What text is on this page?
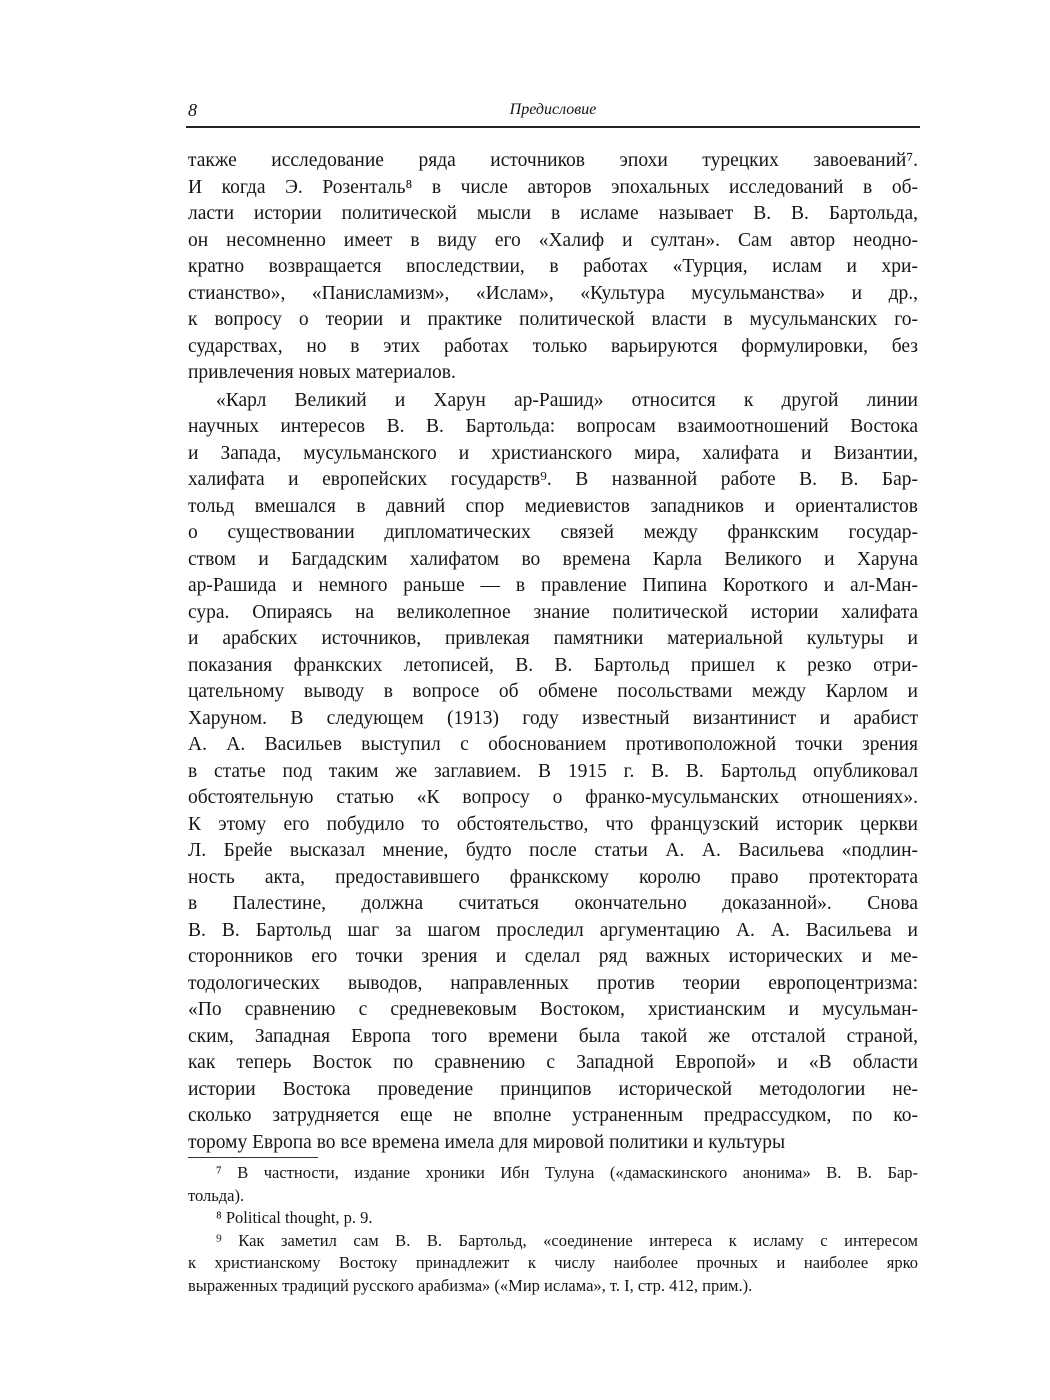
8	Предисловие
также исследование ряда источников эпохи турецких завоеваний⁷.
И когда Э. Розенталь⁸ в числе авторов эпохальных исследований в об-
ласти истории политической мысли в исламе называет В. В. Бартольда,
он несомненно имеет в виду его «Халиф и султан». Сам автор неодно-
кратно возвращается впоследствии, в работах «Турция, ислам и хри-
стианство», «Панисламизм», «Ислам», «Культура мусульманства» и др.,
к вопросу о теории и практике политической власти в мусульманских го-
сударствах, но в этих работах только варьируются формулировки, без
привлечения новых материалов.
«Карл Великий и Харун ар-Рашид» относится к другой линии
научных интересов В. В. Бартольда: вопросам взаимоотношений Востока
и Запада, мусульманского и христианского мира, халифата и Византии,
халифата и европейских государств⁹. В названной работе В. В. Бар-
тольд вмешался в давний спор медиевистов западников и ориенталистов
о существовании дипломатических связей между франкским государ-
ством и Багдадским халифатом во времена Карла Великого и Харуна
ар-Рашида и немного раньше — в правление Пипина Короткого и ал-Ман-
сура. Опираясь на великолепное знание политической истории халифата
и арабских источников, привлекая памятники материальной культуры и
показания франкских летописей, В. В. Бартольд пришел к резко отри-
цательному выводу в вопросе об обмене посольствами между Карлом и
Харуном. В следующем (1913) году известный византинист и арабист
А. А. Васильев выступил с обоснованием противоположной точки зрения
в статье под таким же заглавием. В 1915 г. В. В. Бартольд опубликовал
обстоятельную статью «К вопросу о франко-мусульманских отношениях».
К этому его побудило то обстоятельство, что французский историк церкви
Л. Брейе высказал мнение, будто после статьи А. А. Васильева «подлин-
ность акта, предоставившего франкскому королю право протектората
в Палестине, должна считаться окончательно доказанной». Снова
В. В. Бартольд шаг за шагом проследил аргументацию А. А. Васильева и
сторонников его точки зрения и сделал ряд важных исторических и ме-
тодологических выводов, направленных против теории европоцентризма:
«По сравнению с средневековым Востоком, христианским и мусульман-
ским, Западная Европа того времени была такой же отсталой страной,
как теперь Восток по сравнению с Западной Европой» и «В области
истории Востока проведение принципов исторической методологии не-
сколько затрудняется еще не вполне устраненным предрассудком, по ко-
торому Европа во все времена имела для мировой политики и культуры
⁷ В частности, издание хроники Ибн Тулуна («дамаскинского анонима» В. В. Бар-
тольда).
⁸ Political thought, p. 9.
⁹ Как заметил сам В. В. Бартольд, «соединение интереса к исламу с интересом
к христианскому Востоку принадлежит к числу наиболее прочных и наиболее ярко
выраженных традиций русского арабизма» («Мир ислама», т. I, стр. 412, прим.).
